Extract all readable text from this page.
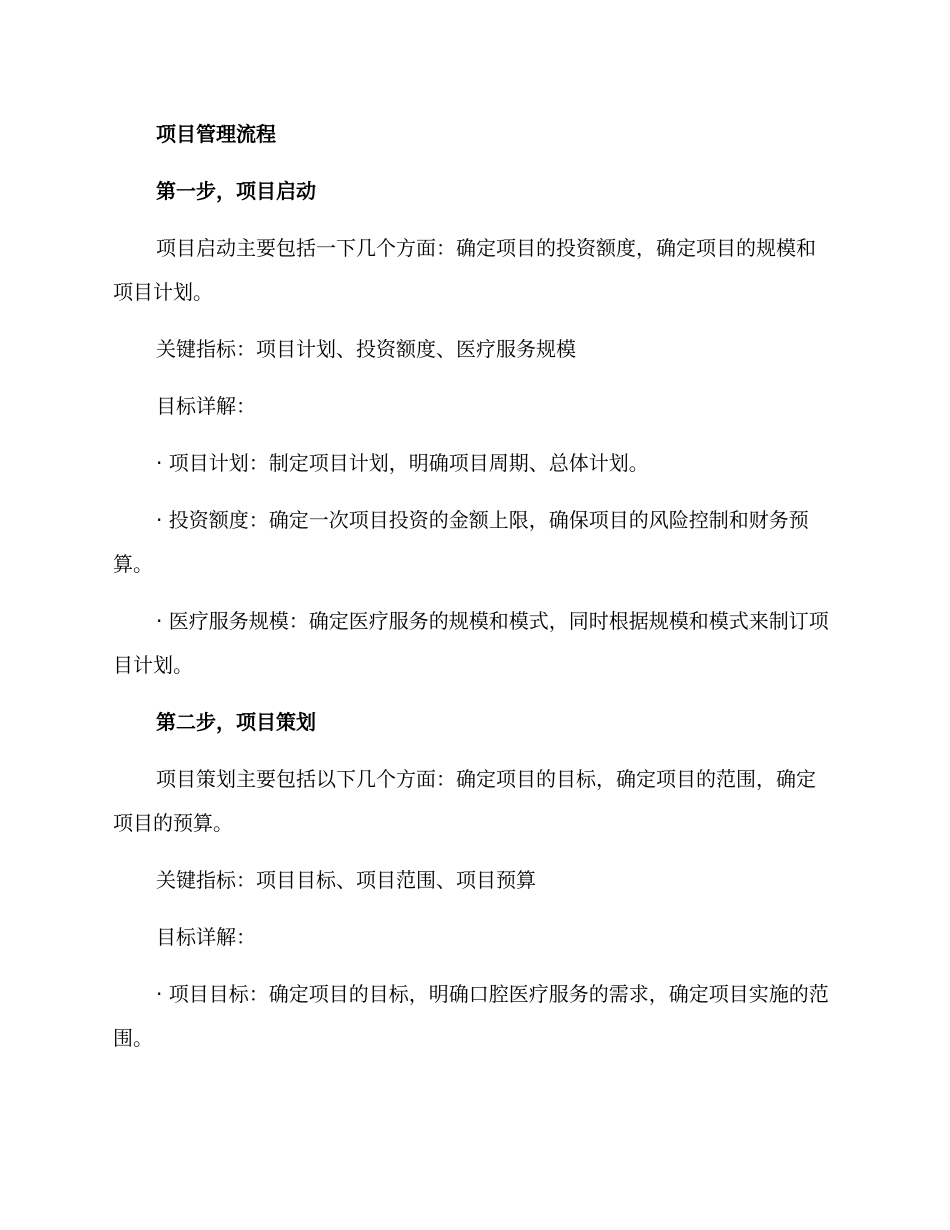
项目管理流程

第一步，项目启动

项目启动主要包括一下几个方面：确定项目的投资额度，确定项目的规模和项目计划。

关键指标：项目计划、投资额度、医疗服务规模

目标详解：

· 项目计划：制定项目计划，明确项目周期、总体计划。

· 投资额度：确定一次项目投资的金额上限，确保项目的风险控制和财务预算。

· 医疗服务规模：确定医疗服务的规模和模式，同时根据规模和模式来制订项目计划。

第二步，项目策划

项目策划主要包括以下几个方面：确定项目的目标，确定项目的范围，确定项目的预算。

关键指标：项目目标、项目范围、项目预算

目标详解：

· 项目目标：确定项目的目标，明确口腔医疗服务的需求，确定项目实施的范围。
